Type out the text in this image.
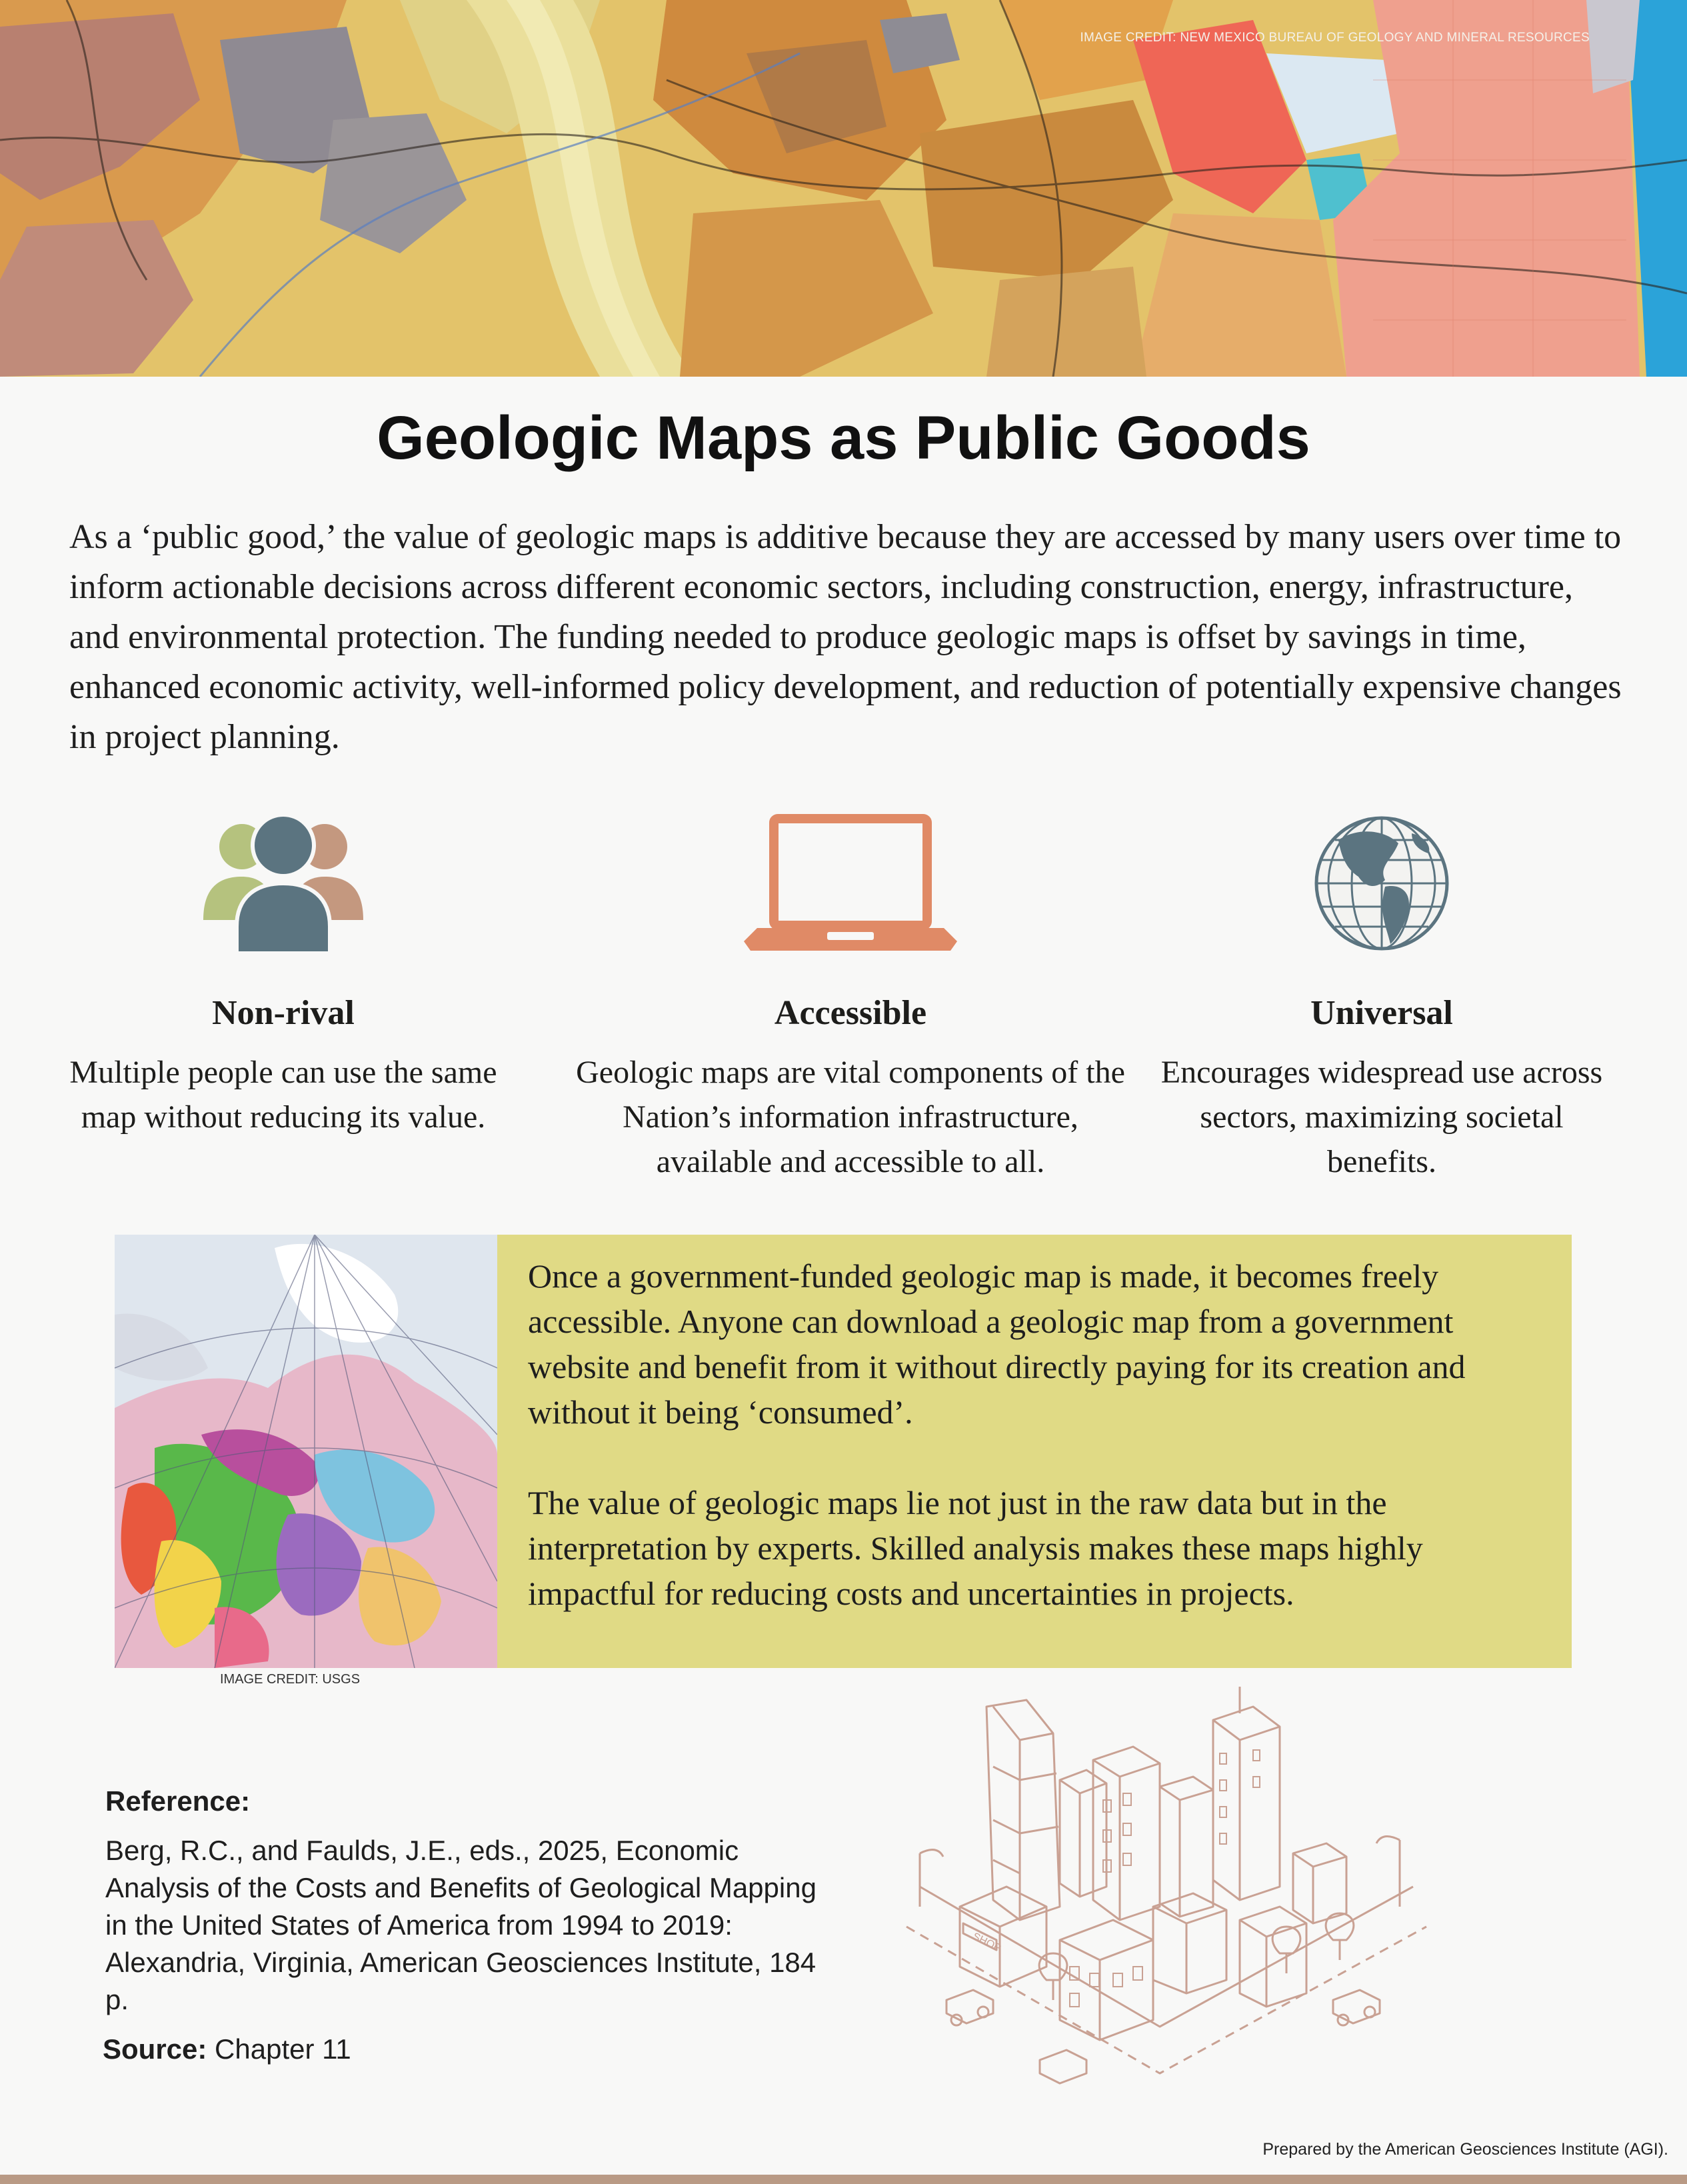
IMAGE CREDIT: NEW MEXICO BUREAU OF GEOLOGY AND MINERAL RESOURCES
Geologic Maps as Public Goods

As a ‘public good,’ the value of geologic maps is additive because they are accessed by many users over time to inform actionable decisions across different economic sectors, including construction, energy, infrastructure, and environmental protection. The funding needed to produce geologic maps is offset by savings in time, enhanced economic activity, well-informed policy development, and reduction of potentially expensive changes in project planning.

Non-rival

Multiple people can use the same map without reducing its value.

Accessible

Geologic maps are vital components of the Nation’s information infrastructure, available and accessible to all.

Universal

Encourages widespread use across sectors, maximizing societal benefits.

Once a government-funded geologic map is made, it becomes freely accessible. Anyone can download a geologic map from a government website and benefit from it without directly paying for its creation and without it being ‘consumed’.

The value of geologic maps lie not just in the raw data but in the interpretation by experts. Skilled analysis makes these maps highly impactful for reducing costs and uncertainties in projects.

IMAGE CREDIT: USGS
Reference:

Berg, R.C., and Faulds, J.E., eds., 2025, Economic Analysis of the Costs and Benefits of Geological Mapping in the United States of America from 1994 to 2019: Alexandria, Virginia, American Geosciences Institute, 184 p.

Source: Chapter 11
SHOP
Prepared by the American Geosciences Institute (AGI).
